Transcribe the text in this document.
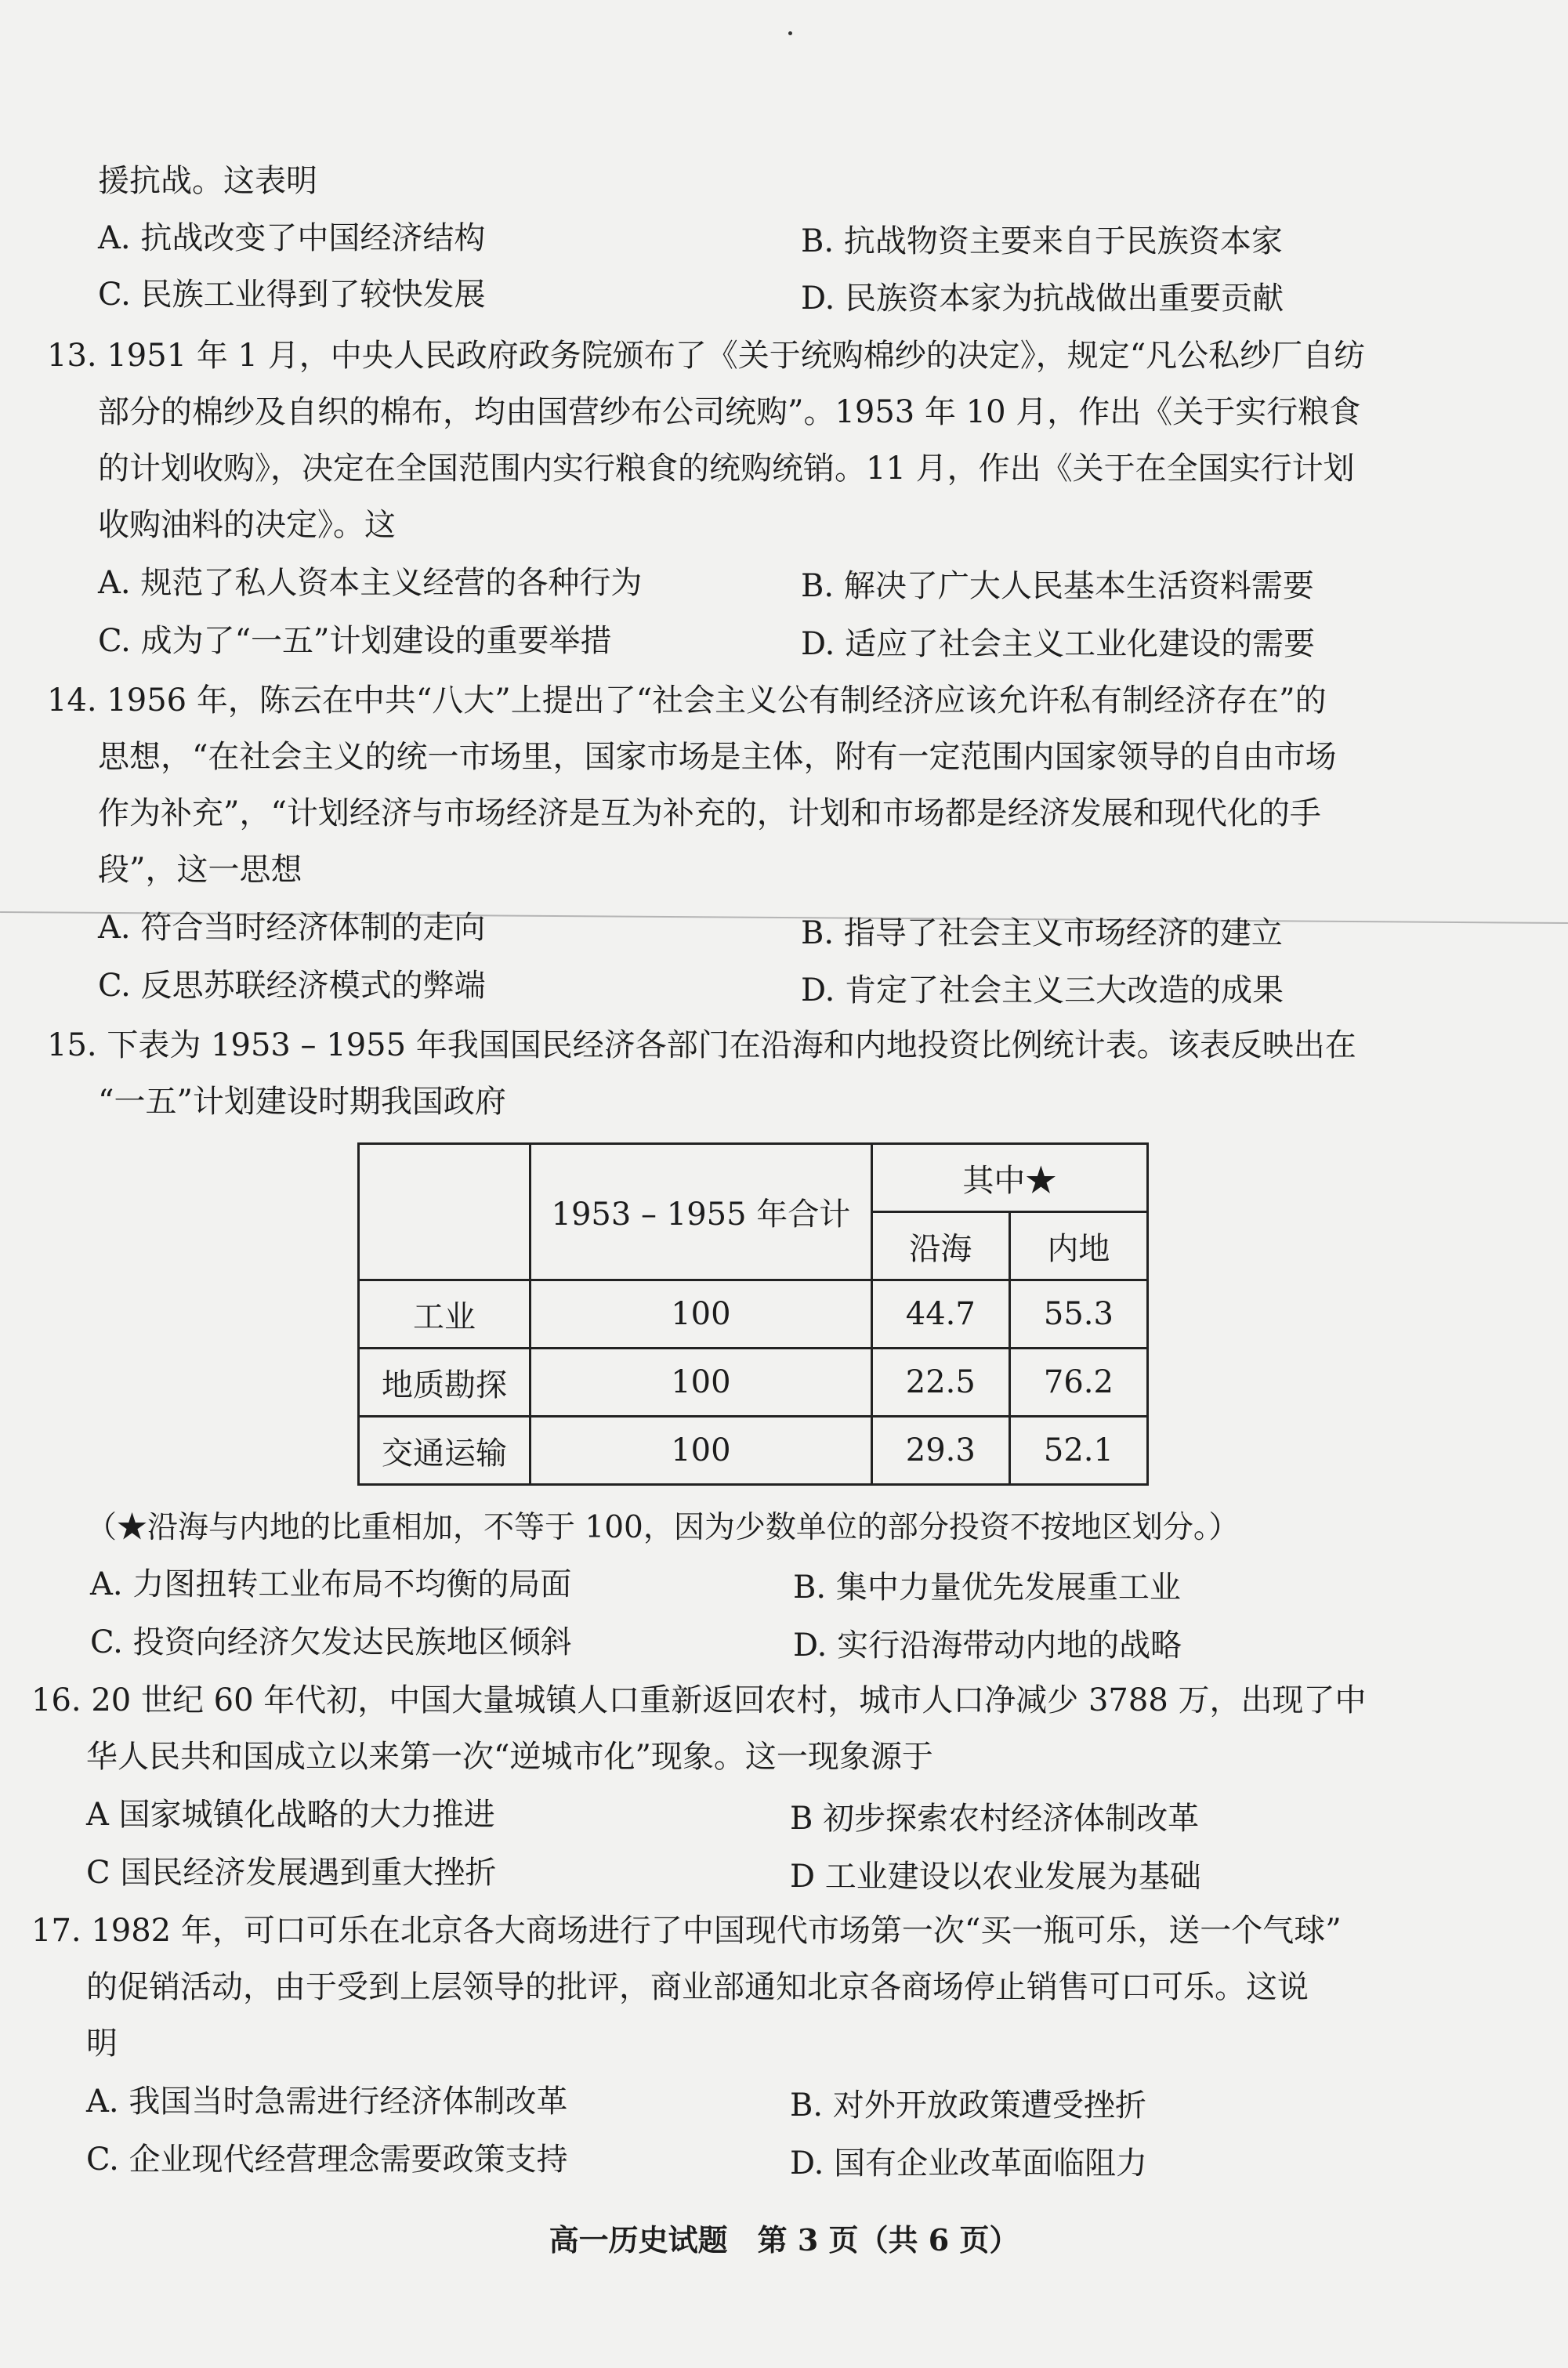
援抗战。这表明
A. 抗战改变了中国经济结构	B. 抗战物资主要来自于民族资本家
C. 民族工业得到了较快发展	D. 民族资本家为抗战做出重要贡献
13. 1951 年 1 月，中央人民政府政务院颁布了《关于统购棉纱的决定》，规定“凡公私纱厂自纺
部分的棉纱及自织的棉布，均由国营纱布公司统购”。1953 年 10 月，作出《关于实行粮食
的计划收购》，决定在全国范围内实行粮食的统购统销。11 月，作出《关于在全国实行计划
收购油料的决定》。这
A. 规范了私人资本主义经营的各种行为	B. 解决了广大人民基本生活资料需要
C. 成为了“一五”计划建设的重要举措	D. 适应了社会主义工业化建设的需要
14. 1956 年，陈云在中共“八大”上提出了“社会主义公有制经济应该允许私有制经济存在”的
思想，“在社会主义的统一市场里，国家市场是主体，附有一定范围内国家领导的自由市场
作为补充”，“计划经济与市场经济是互为补充的，计划和市场都是经济发展和现代化的手
段”，这一思想
A. 符合当时经济体制的走向	B. 指导了社会主义市场经济的建立
C. 反思苏联经济模式的弊端	D. 肯定了社会主义三大改造的成果
15. 下表为 1953 – 1955 年我国国民经济各部门在沿海和内地投资比例统计表。该表反映出在
“一五”计划建设时期我国政府
	1953 – 1955 年合计	其中★	
		沿海	内地
工业	100	44.7	55.3
地质勘探	100	22.5	76.2
交通运输	100	29.3	52.1
（★沿海与内地的比重相加，不等于 100，因为少数单位的部分投资不按地区划分。）
A. 力图扭转工业布局不均衡的局面	B. 集中力量优先发展重工业
C. 投资向经济欠发达民族地区倾斜	D. 实行沿海带动内地的战略
16. 20 世纪 60 年代初，中国大量城镇人口重新返回农村，城市人口净减少 3788 万，出现了中
华人民共和国成立以来第一次“逆城市化”现象。这一现象源于
A 国家城镇化战略的大力推进	B 初步探索农村经济体制改革
C 国民经济发展遇到重大挫折	D 工业建设以农业发展为基础
17. 1982 年，可口可乐在北京各大商场进行了中国现代市场第一次“买一瓶可乐，送一个气球”
的促销活动，由于受到上层领导的批评，商业部通知北京各商场停止销售可口可乐。这说
明
A. 我国当时急需进行经济体制改革	B. 对外开放政策遭受挫折
C. 企业现代经营理念需要政策支持	D. 国有企业改革面临阻力
高一历史试题　第 3 页（共 6 页）
